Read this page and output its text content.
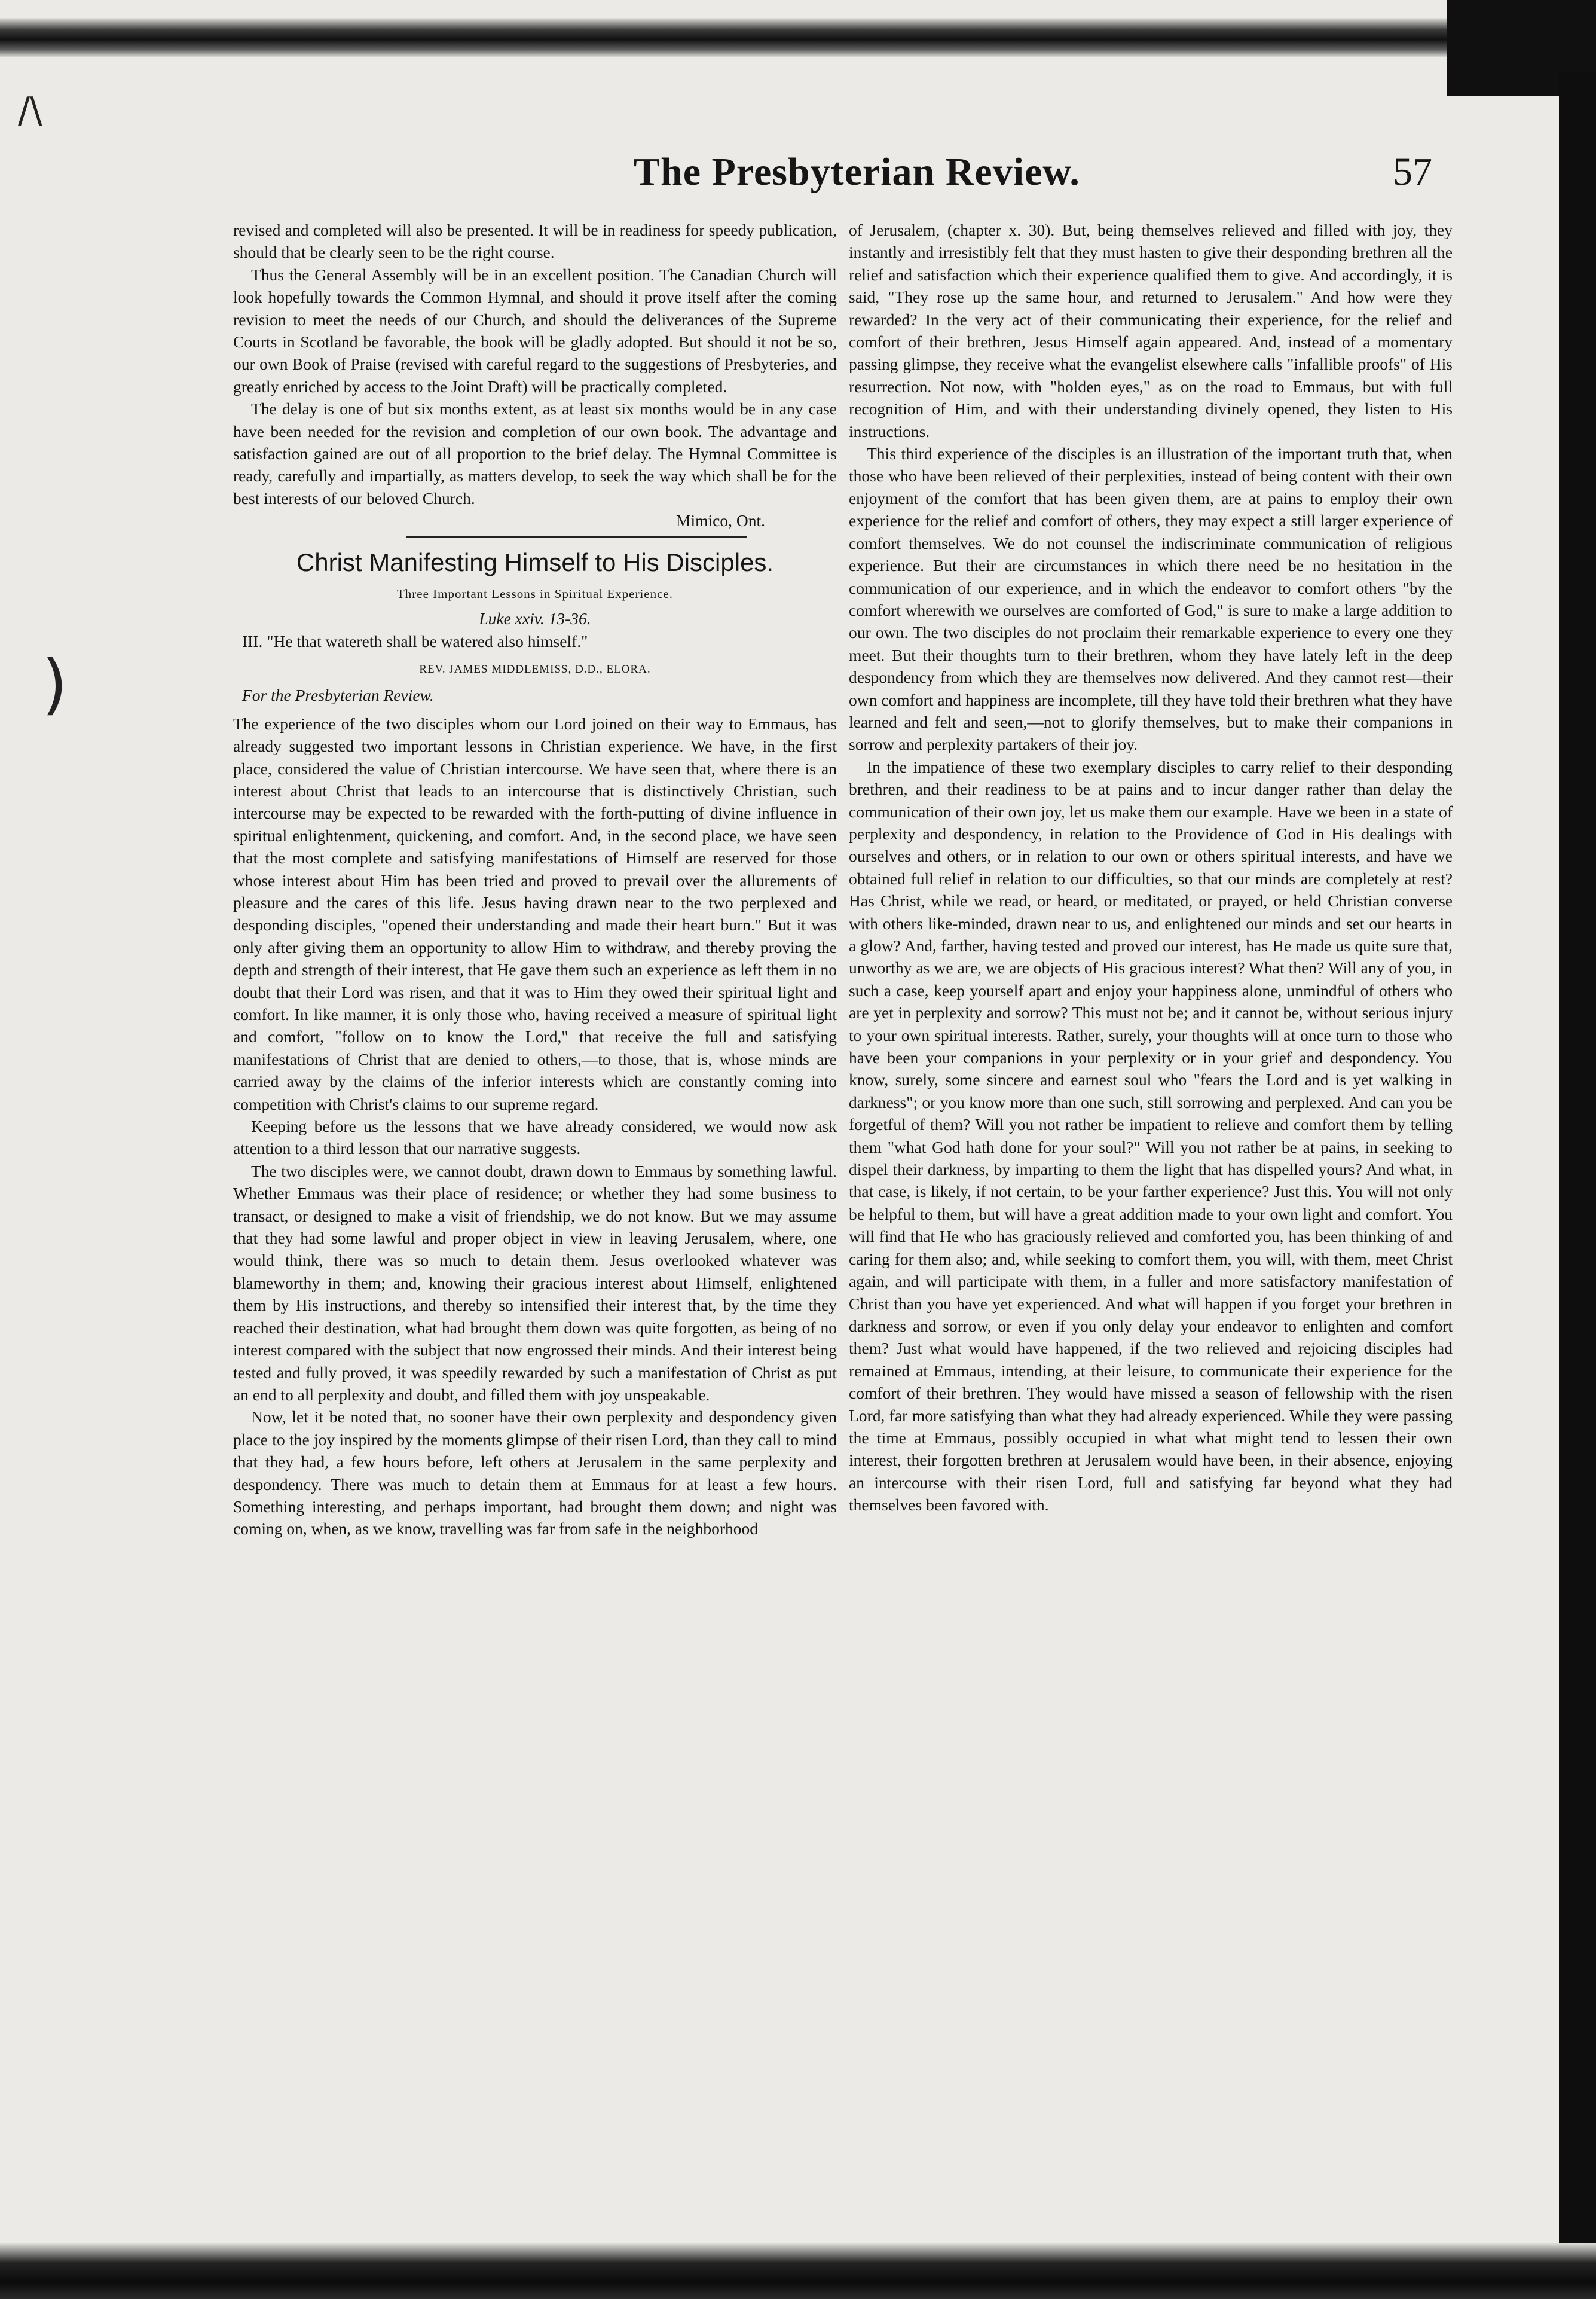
/\
)
The Presbyterian Review.	57

revised and completed will also be presented. It will be in readiness for speedy publication, should that be clearly seen to be the right course.

Thus the General Assembly will be in an excellent position. The Canadian Church will look hopefully towards the Common Hymnal, and should it prove itself after the coming revision to meet the needs of our Church, and should the deliverances of the Supreme Courts in Scotland be favorable, the book will be gladly adopted. But should it not be so, our own Book of Praise (revised with careful regard to the suggestions of Presbyteries, and greatly enriched by access to the Joint Draft) will be practically completed.

The delay is one of but six months extent, as at least six months would be in any case have been needed for the revision and completion of our own book. The advantage and satisfaction gained are out of all proportion to the brief delay. The Hymnal Committee is ready, carefully and impartially, as matters develop, to seek the way which shall be for the best interests of our beloved Church.

Mimico, Ont.
Christ Manifesting Himself to His Disciples.
Three Important Lessons in Spiritual Experience.
Luke xxiv. 13-36.
III. "He that watereth shall be watered also himself."
REV. JAMES MIDDLEMISS, D.D., ELORA.
For the Presbyterian Review.

The experience of the two disciples whom our Lord joined on their way to Emmaus, has already suggested two important lessons in Christian experience. We have, in the first place, considered the value of Christian intercourse. We have seen that, where there is an interest about Christ that leads to an intercourse that is distinctively Christian, such intercourse may be expected to be rewarded with the forth-putting of divine influence in spiritual enlightenment, quickening, and comfort. And, in the second place, we have seen that the most complete and satisfying manifestations of Himself are reserved for those whose interest about Him has been tried and proved to prevail over the allurements of pleasure and the cares of this life. Jesus having drawn near to the two perplexed and desponding disciples, "opened their understanding and made their heart burn." But it was only after giving them an opportunity to allow Him to withdraw, and thereby proving the depth and strength of their interest, that He gave them such an experience as left them in no doubt that their Lord was risen, and that it was to Him they owed their spiritual light and comfort. In like manner, it is only those who, having received a measure of spiritual light and comfort, "follow on to know the Lord," that receive the full and satisfying manifestations of Christ that are denied to others,—to those, that is, whose minds are carried away by the claims of the inferior interests which are constantly coming into competition with Christ's claims to our supreme regard.

Keeping before us the lessons that we have already considered, we would now ask attention to a third lesson that our narrative suggests.

The two disciples were, we cannot doubt, drawn down to Emmaus by something lawful. Whether Emmaus was their place of residence; or whether they had some business to transact, or designed to make a visit of friendship, we do not know. But we may assume that they had some lawful and proper object in view in leaving Jerusalem, where, one would think, there was so much to detain them. Jesus overlooked whatever was blameworthy in them; and, knowing their gracious interest about Himself, enlightened them by His instructions, and thereby so intensified their interest that, by the time they reached their destination, what had brought them down was quite forgotten, as being of no interest compared with the subject that now engrossed their minds. And their interest being tested and fully proved, it was speedily rewarded by such a manifestation of Christ as put an end to all perplexity and doubt, and filled them with joy unspeakable.

Now, let it be noted that, no sooner have their own perplexity and despondency given place to the joy inspired by the moments glimpse of their risen Lord, than they call to mind that they had, a few hours before, left others at Jerusalem in the same perplexity and despondency. There was much to detain them at Emmaus for at least a few hours. Something interesting, and perhaps important, had brought them down; and night was coming on, when, as we know, travelling was far from safe in the neighborhood

of Jerusalem, (chapter x. 30). But, being themselves relieved and filled with joy, they instantly and irresistibly felt that they must hasten to give their desponding brethren all the relief and satisfaction which their experience qualified them to give. And accordingly, it is said, "They rose up the same hour, and returned to Jerusalem." And how were they rewarded? In the very act of their communicating their experience, for the relief and comfort of their brethren, Jesus Himself again appeared. And, instead of a momentary passing glimpse, they receive what the evangelist elsewhere calls "infallible proofs" of His resurrection. Not now, with "holden eyes," as on the road to Emmaus, but with full recognition of Him, and with their understanding divinely opened, they listen to His instructions.

This third experience of the disciples is an illustration of the important truth that, when those who have been relieved of their perplexities, instead of being content with their own enjoyment of the comfort that has been given them, are at pains to employ their own experience for the relief and comfort of others, they may expect a still larger experience of comfort themselves. We do not counsel the indiscriminate communication of religious experience. But their are circumstances in which there need be no hesitation in the communication of our experience, and in which the endeavor to comfort others "by the comfort wherewith we ourselves are comforted of God," is sure to make a large addition to our own. The two disciples do not proclaim their remarkable experience to every one they meet. But their thoughts turn to their brethren, whom they have lately left in the deep despondency from which they are themselves now delivered. And they cannot rest—their own comfort and happiness are incomplete, till they have told their brethren what they have learned and felt and seen,—not to glorify themselves, but to make their companions in sorrow and perplexity partakers of their joy.

In the impatience of these two exemplary disciples to carry relief to their desponding brethren, and their readiness to be at pains and to incur danger rather than delay the communication of their own joy, let us make them our example. Have we been in a state of perplexity and despondency, in relation to the Providence of God in His dealings with ourselves and others, or in relation to our own or others spiritual interests, and have we obtained full relief in relation to our difficulties, so that our minds are completely at rest? Has Christ, while we read, or heard, or meditated, or prayed, or held Christian converse with others like-minded, drawn near to us, and enlightened our minds and set our hearts in a glow? And, farther, having tested and proved our interest, has He made us quite sure that, unworthy as we are, we are objects of His gracious interest? What then? Will any of you, in such a case, keep yourself apart and enjoy your happiness alone, unmindful of others who are yet in perplexity and sorrow? This must not be; and it cannot be, without serious injury to your own spiritual interests. Rather, surely, your thoughts will at once turn to those who have been your companions in your perplexity or in your grief and despondency. You know, surely, some sincere and earnest soul who "fears the Lord and is yet walking in darkness"; or you know more than one such, still sorrowing and perplexed. And can you be forgetful of them? Will you not rather be impatient to relieve and comfort them by telling them "what God hath done for your soul?" Will you not rather be at pains, in seeking to dispel their darkness, by imparting to them the light that has dispelled yours? And what, in that case, is likely, if not certain, to be your farther experience? Just this. You will not only be helpful to them, but will have a great addition made to your own light and comfort. You will find that He who has graciously relieved and comforted you, has been thinking of and caring for them also; and, while seeking to comfort them, you will, with them, meet Christ again, and will participate with them, in a fuller and more satisfactory manifestation of Christ than you have yet experienced. And what will happen if you forget your brethren in darkness and sorrow, or even if you only delay your endeavor to enlighten and comfort them? Just what would have happened, if the two relieved and rejoicing disciples had remained at Emmaus, intending, at their leisure, to communicate their experience for the comfort of their brethren. They would have missed a season of fellowship with the risen Lord, far more satisfying than what they had already experienced. While they were passing the time at Emmaus, possibly occupied in what what might tend to lessen their own interest, their forgotten brethren at Jerusalem would have been, in their absence, enjoying an intercourse with their risen Lord, full and satisfying far beyond what they had themselves been favored with.
